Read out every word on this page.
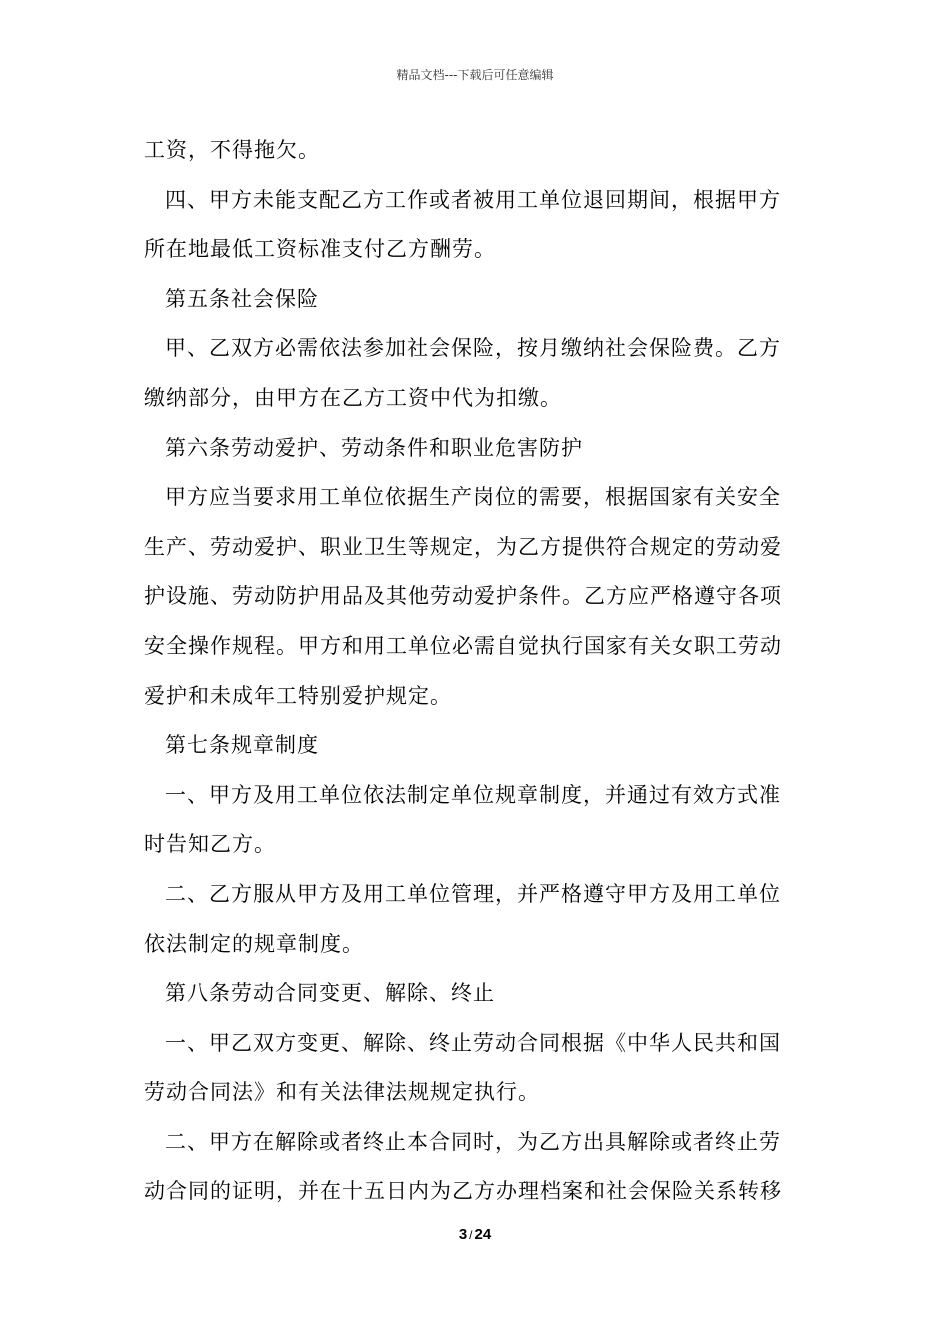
精品文档---下载后可任意编辑
工资，不得拖欠。
四、甲方未能支配乙方工作或者被用工单位退回期间，根据甲方
所在地最低工资标准支付乙方酬劳。
第五条社会保险
甲、乙双方必需依法参加社会保险，按月缴纳社会保险费。乙方
缴纳部分，由甲方在乙方工资中代为扣缴。
第六条劳动爱护、劳动条件和职业危害防护
甲方应当要求用工单位依据生产岗位的需要，根据国家有关安全
生产、劳动爱护、职业卫生等规定，为乙方提供符合规定的劳动爱
护设施、劳动防护用品及其他劳动爱护条件。乙方应严格遵守各项
安全操作规程。甲方和用工单位必需自觉执行国家有关女职工劳动
爱护和未成年工特别爱护规定。
第七条规章制度
一、甲方及用工单位依法制定单位规章制度，并通过有效方式准
时告知乙方。
二、乙方服从甲方及用工单位管理，并严格遵守甲方及用工单位
依法制定的规章制度。
第八条劳动合同变更、解除、终止
一、甲乙双方变更、解除、终止劳动合同根据《中华人民共和国
劳动合同法》和有关法律法规规定执行。
二、甲方在解除或者终止本合同时，为乙方出具解除或者终止劳
动合同的证明，并在十五日内为乙方办理档案和社会保险关系转移
3 / 24
